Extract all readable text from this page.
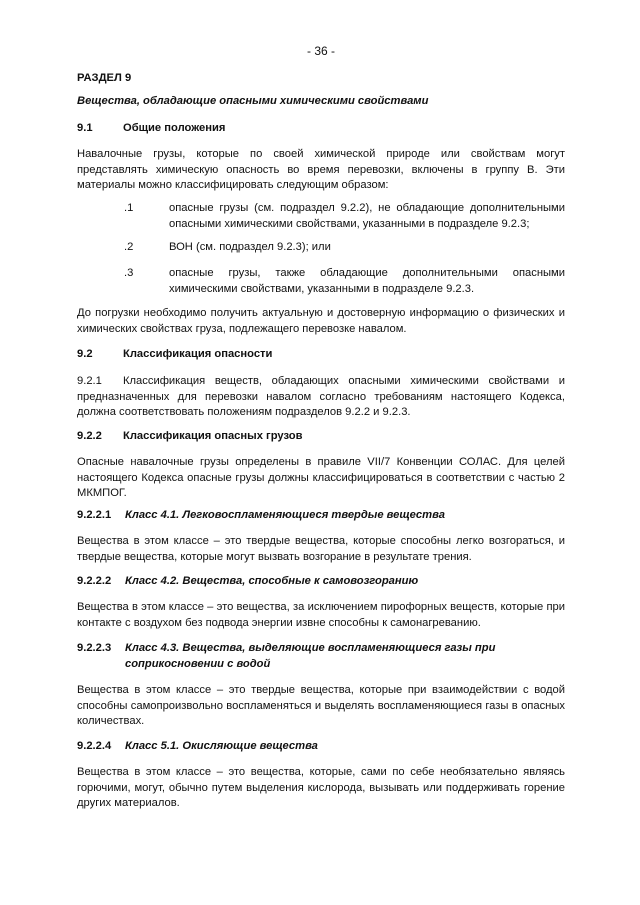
- 36 -
РАЗДЕЛ 9
Вещества, обладающие опасными химическими свойствами
9.1	Общие положения
Навалочные грузы, которые по своей химической природе или свойствам могут представлять химическую опасность во время перевозки, включены в группу В. Эти материалы можно классифицировать следующим образом:
.1	опасные грузы (см. подраздел 9.2.2), не обладающие дополнительными опасными химическими свойствами, указанными в подразделе 9.2.3;
.2	ВОН (см. подраздел 9.2.3); или
.3	опасные грузы, также обладающие дополнительными опасными химическими свойствами, указанными в подразделе 9.2.3.
До погрузки необходимо получить актуальную и достоверную информацию о физических и химических свойствах груза, подлежащего перевозке навалом.
9.2	Классификация опасности
9.2.1 Классификация веществ, обладающих опасными химическими свойствами и предназначенных для перевозки навалом согласно требованиям настоящего Кодекса, должна соответствовать положениям подразделов 9.2.2 и 9.2.3.
9.2.2 Классификация опасных грузов
Опасные навалочные грузы определены в правиле VII/7 Конвенции СОЛАС. Для целей настоящего Кодекса опасные грузы должны классифицироваться в соответствии с частью 2 МКМПОГ.
9.2.2.1 Класс 4.1. Легковоспламеняющиеся твердые вещества
Вещества в этом классе – это твердые вещества, которые способны легко возгораться, и твердые вещества, которые могут вызвать возгорание в результате трения.
9.2.2.2 Класс 4.2. Вещества, способные к самовозгоранию
Вещества в этом классе – это вещества, за исключением пирофорных веществ, которые при контакте с воздухом без подвода энергии извне способны к самонагреванию.
9.2.2.3 Класс 4.3. Вещества, выделяющие воспламеняющиеся газы при соприкосновении с водой
Вещества в этом классе – это твердые вещества, которые при взаимодействии с водой способны самопроизвольно воспламеняться и выделять воспламеняющиеся газы в опасных количествах.
9.2.2.4 Класс 5.1. Окисляющие вещества
Вещества в этом классе – это вещества, которые, сами по себе необязательно являясь горючими, могут, обычно путем выделения кислорода, вызывать или поддерживать горение других материалов.
